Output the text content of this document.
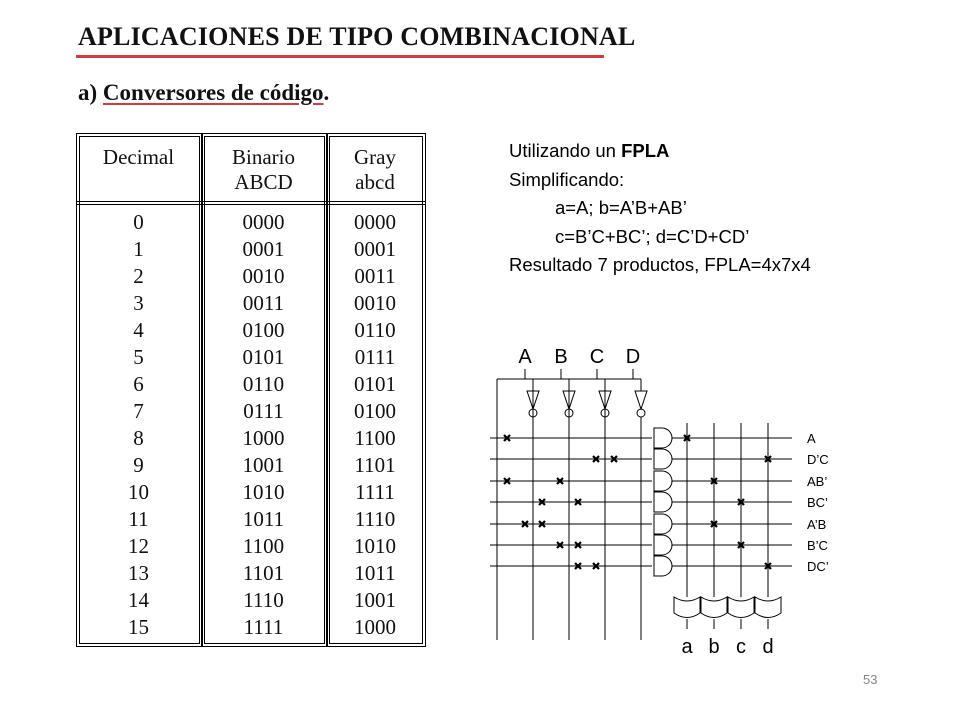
APLICACIONES DE TIPO COMBINACIONAL
a) Conversores de código.
Decimal	Binario
ABCD
Gray
abcd
0
1
2
3
4
5
6
7
8
9
10
11
12
13
14
15
0000
0001
0010
0011
0100
0101
0110
0111
1000
1001
1010
1011
1100
1101
1110
1111
0000
0001
0011
0010
0110
0111
0101
0100
1100
1101
1111
1110
1010
1011
1001
1000
Utilizando un FPLA
Simplificando:
a=A; b=A’B+AB’
c=B’C+BC’; d=C’D+CD’
Resultado 7 productos, FPLA=4x7x4
A B C D
A
D’C
AB’
BC’
A’B
B’C
DC’
a b c d
53
